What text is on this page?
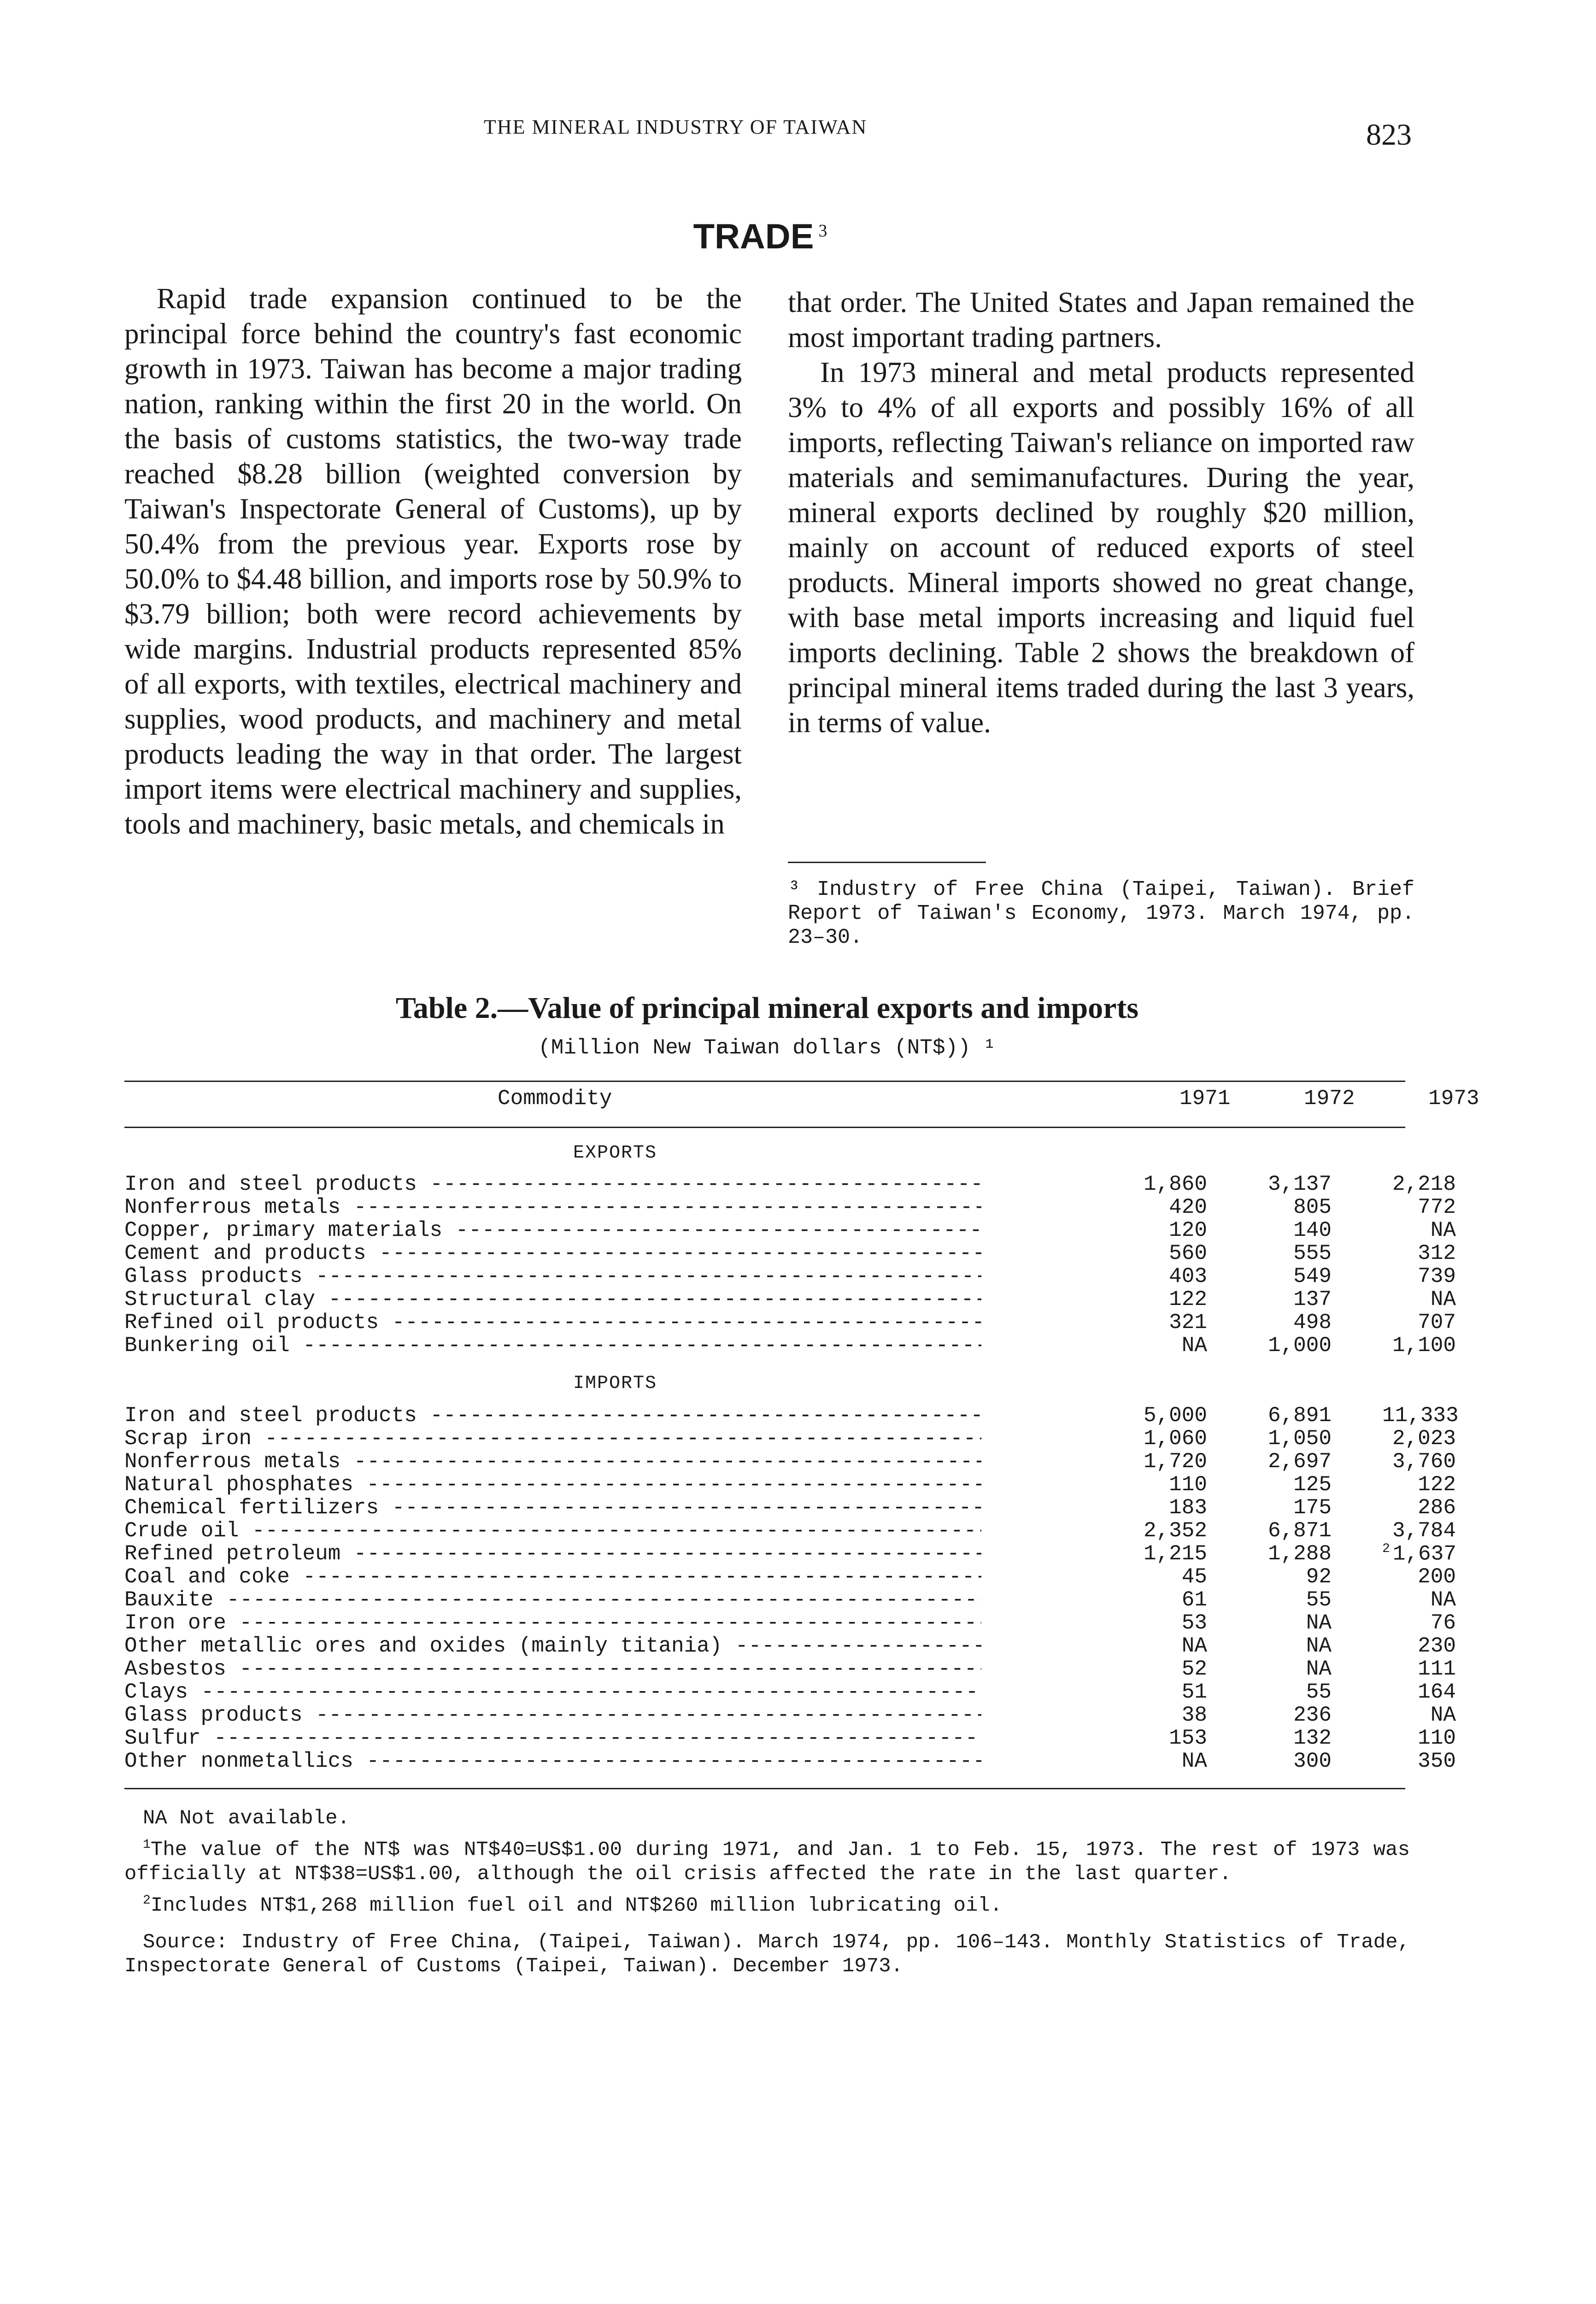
THE MINERAL INDUSTRY OF TAIWAN	823
TRADE $^3$

Rapid trade expansion continued to be the principal force behind the country's fast economic growth in 1973. Taiwan has become a major trading nation, ranking within the first 20 in the world. On the basis of customs statistics, the two-way trade reached $8.28 billion (weighted conversion by Taiwan's Inspectorate General of Customs), up by 50.4% from the previous year. Exports rose by 50.0% to $4.48 billion, and imports rose by 50.9% to $3.79 billion; both were record achievements by wide margins. Industrial products represented 85% of all exports, with textiles, electrical machinery and supplies, wood products, and machinery and metal products leading the way in that order. The largest import items were electrical machinery and supplies, tools and machinery, basic metals, and chemicals in

that order. The United States and Japan remained the most important trading partners.

In 1973 mineral and metal products represented 3% to 4% of all exports and possibly 16% of all imports, reflecting Taiwan's reliance on imported raw materials and semimanufactures. During the year, mineral exports declined by roughly $20 million, mainly on account of reduced exports of steel products. Mineral imports showed no great change, with base metal imports increasing and liquid fuel imports declining. Table 2 shows the breakdown of principal mineral items traded during the last 3 years, in terms of value.

³ Industry of Free China (Taipei, Taiwan). Brief Report of Taiwan's Economy, 1973. March 1974, pp. 23–30.
Table 2.—Value of principal mineral exports and imports
(Million New Taiwan dollars (NT$)) ¹
Commodity	1971	1972	1973
EXPORTS
Iron and steel products -----	1,860	3,137	2,218
Nonferrous metals -----	420	805	772
Copper, primary materials -----	120	140	NA
Cement and products -----	560	555	312
Glass products -----	403	549	739
Structural clay -----	122	137	NA
Refined oil products -----	321	498	707
Bunkering oil -----	NA	1,000	1,100
IMPORTS
Iron and steel products -----	5,000	6,891 11,333
Scrap iron -----	1,060	1,050	2,023
Nonferrous metals -----	1,720	2,697	3,760
Natural phosphates -----	110	125	122
Chemical fertilizers -----	183	175	286
Crude oil -----	2,352	6,871	3,784
Refined petroleum -----	1,215	1,288	$^2$ 1,637
Coal and coke -----	45	92	200
Bauxite -----	61	55	NA
Iron ore -----	53	NA	76
Other metallic ores and oxides (mainly titania) -----	NA	NA	230
Asbestos -----	52	NA	111
Clays -----	51	55	164
Glass products -----	38	236	NA
Sulfur -----	153	132	110
Other nonmetallics -----	NA	300	350

NA Not available.

$^1$The value of the NT$ was NT$40=US$1.00 during 1971, and Jan. 1 to Feb. 15, 1973. The rest of 1973 was officially at NT$38=US$1.00, although the oil crisis affected the rate in the last quarter.

$^2$Includes NT$1,268 million fuel oil and NT$260 million lubricating oil.

Source: Industry of Free China, (Taipei, Taiwan). March 1974, pp. 106–143. Monthly Statistics of Trade, Inspectorate General of Customs (Taipei, Taiwan). December 1973.
